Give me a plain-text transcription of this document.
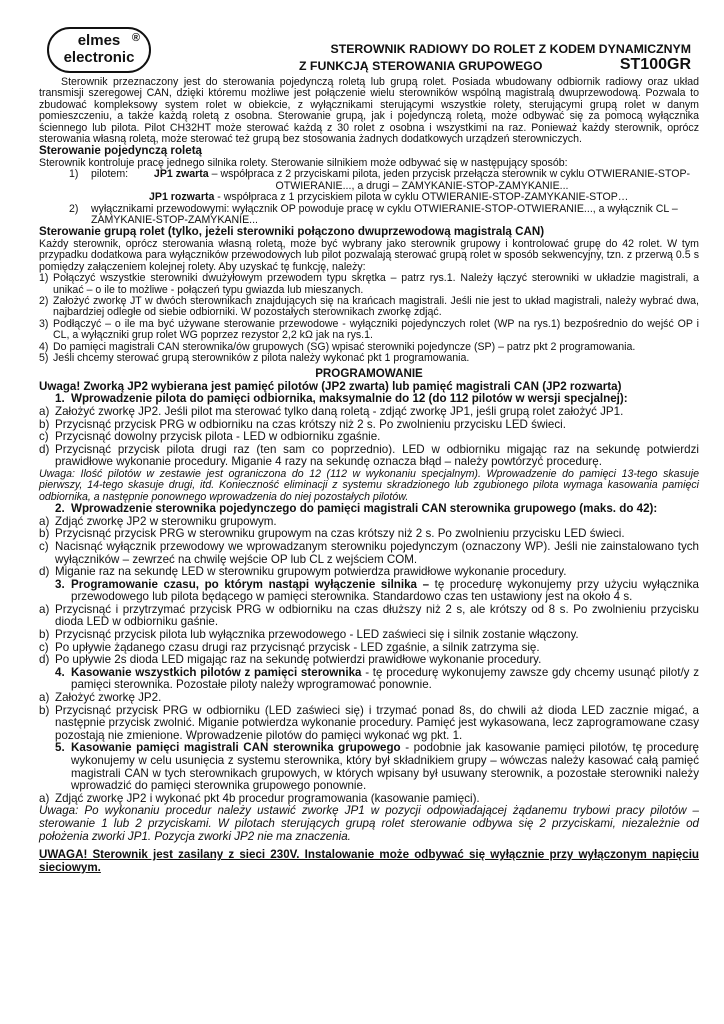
®
elmes
electronic	STEROWNIK RADIOWY DO ROLET Z KODEM DYNAMICZNYM
Z FUNKCJĄ STEROWANIA GRUPOWEGO	ST100GR

Sterownik przeznaczony jest do sterowania pojedynczą roletą lub grupą rolet. Posiada wbudowany odbiornik radiowy oraz układ transmisji szeregowej CAN, dzięki któremu możliwe jest połączenie wielu sterowników wspólną magistralą dwuprzewodową. Pozwala to zbudować kompleksowy system rolet w obiekcie, z wyłącznikami sterującymi wszystkie rolety, sterującymi grupą rolet w danym pomieszczeniu, a także każdą roletą z osobna. Sterowanie grupą, jak i pojedynczą roletą, może odbywać się za pomocą wyłącznika ściennego lub pilota. Pilot CH32HT może sterować każdą z 30 rolet z osobna i wszystkimi na raz. Ponieważ każdy sterownik, oprócz sterowania własną roletą, może sterować też grupą bez stosowania żadnych dodatkowych urządzeń sterowniczych.

Sterowanie pojedynczą roletą

Sterownik kontroluje pracę jednego silnika rolety. Sterowanie silnikiem może odbywać się w następujący sposób:

1)	pilotem:	JP1 zwarta – współpraca z 2 przyciskami pilota, jeden przycisk przełącza sterownik w cyklu OTWIERANIE-STOP-OTWIERANIE..., a drugi – ZAMYKANIE-STOP-ZAMYKANIE...
JP1 rozwarta - współpraca z 1 przyciskiem pilota w cyklu OTWIERANIE-STOP-ZAMYKANIE-STOP…
2)	wyłącznikami przewodowymi: wyłącznik OP powoduje pracę w cyklu OTWIERANIE-STOP-OTWIERANIE..., a wyłącznik CL – ZAMYKANIE-STOP-ZAMYKANIE...

Sterowanie grupą rolet (tylko, jeżeli sterowniki połączono dwuprzewodową magistralą CAN)

Każdy sterownik, oprócz sterowania własną roletą, może być wybrany jako sterownik grupowy i kontrolować grupę do 42 rolet. W tym przypadku dodatkowa para wyłączników przewodowych lub pilot pozwalają sterować grupą rolet w sposób sekwencyjny, tzn. z przerwą 0.5 s pomiędzy załączeniem kolejnej rolety. Aby uzyskać tę funkcję, należy:

1) Połączyć wszystkie sterowniki dwużyłowym przewodem typu skrętka – patrz rys.1. Należy łączyć sterowniki w układzie magistrali, a unikać – o ile to możliwe - połączeń typu gwiazda lub mieszanych.
2) Założyć zworkę JT w dwóch sterownikach znajdujących się na krańcach magistrali. Jeśli nie jest to układ magistrali, należy wybrać dwa, najbardziej odległe od siebie odbiorniki. W pozostałych sterownikach zworkę zdjąć.
3) Podłączyć – o ile ma być używane sterowanie przewodowe - wyłączniki pojedynczych rolet (WP na rys.1) bezpośrednio do wejść OP i CL, a wyłączniki grup rolet WG poprzez rezystor 2,2 kΩ jak na rys.1.
4) Do pamięci magistrali CAN sterownika/ów grupowych (SG) wpisać sterowniki pojedyncze (SP) – patrz pkt 2 programowania.
5) Jeśli chcemy sterować grupą sterowników z pilota należy wykonać pkt 1 programowania.

PROGRAMOWANIE

Uwaga! Zworką JP2 wybierana jest pamięć pilotów (JP2 zwarta) lub pamięć magistrali CAN (JP2 rozwarta)

1. Wprowadzenie pilota do pamięci odbiornika, maksymalnie do 12 (do 112 pilotów w wersji specjalnej):
a) Założyć zworkę JP2. Jeśli pilot ma sterować tylko daną roletą - zdjąć zworkę JP1, jeśli grupą rolet założyć JP1.
b) Przycisnąć przycisk PRG w odbiorniku na czas krótszy niż 2 s. Po zwolnieniu przycisku LED świeci.
c) Przycisnąć dowolny przycisk pilota - LED w odbiorniku zgaśnie.
d) Przycisnąć przycisk pilota drugi raz (ten sam co poprzednio). LED w odbiorniku migając raz na sekundę potwierdzi prawidłowe wykonanie procedury. Miganie 4 razy na sekundę oznacza błąd – należy powtórzyć procedurę.

Uwaga: Ilość pilotów w zestawie jest ograniczona do 12 (112 w wykonaniu specjalnym). Wprowadzenie do pamięci 13-tego skasuje pierwszy, 14-tego skasuje drugi, itd. Konieczność eliminacji z systemu skradzionego lub zgubionego pilota wymaga kasowania pamięci odbiornika, a następnie ponownego wprowadzenia do niej pozostałych pilotów.

2. Wprowadzenie sterownika pojedynczego do pamięci magistrali CAN sterownika grupowego (maks. do 42):
a) Zdjąć zworkę JP2 w sterowniku grupowym.
b) Przycisnąć przycisk PRG w sterowniku grupowym na czas krótszy niż 2 s. Po zwolnieniu przycisku LED świeci.
c) Nacisnąć wyłącznik przewodowy we wprowadzanym sterowniku pojedynczym (oznaczony WP). Jeśli nie zainstalowano tych wyłączników – zewrzeć na chwilę wejście OP lub CL z wejściem COM.
d) Miganie raz na sekundę LED w sterowniku grupowym potwierdza prawidłowe wykonanie procedury.
3. Programowanie czasu, po którym nastąpi wyłączenie silnika – tę procedurę wykonujemy przy użyciu wyłącznika przewodowego lub pilota będącego w pamięci sterownika. Standardowo czas ten ustawiony jest na około 4 s.
a) Przycisnąć i przytrzymać przycisk PRG w odbiorniku na czas dłuższy niż 2 s, ale krótszy od 8 s. Po zwolnieniu przycisku dioda LED w odbiorniku gaśnie.
b) Przycisnąć przycisk pilota lub wyłącznika przewodowego - LED zaświeci się i silnik zostanie włączony.
c) Po upływie żądanego czasu drugi raz przycisnąć przycisk - LED zgaśnie, a silnik zatrzyma się.
d) Po upływie 2s dioda LED migając raz na sekundę potwierdzi prawidłowe wykonanie procedury.
4. Kasowanie wszystkich pilotów z pamięci sterownika - tę procedurę wykonujemy zawsze gdy chcemy usunąć pilot/y z pamięci sterownika. Pozostałe piloty należy wprogramować ponownie.
a) Założyć zworkę JP2.
b) Przycisnąć przycisk PRG w odbiorniku (LED zaświeci się) i trzymać ponad 8s, do chwili aż dioda LED zacznie migać, a następnie przycisk zwolnić. Miganie potwierdza wykonanie procedury. Pamięć jest wykasowana, lecz zaprogramowane czasy pozostają nie zmienione. Wprowadzenie pilotów do pamięci wykonać wg pkt. 1.
5. Kasowanie pamięci magistrali CAN sterownika grupowego - podobnie jak kasowanie pamięci pilotów, tę procedurę wykonujemy w celu usunięcia z systemu sterownika, który był składnikiem grupy – wówczas należy kasować całą pamięć magistrali CAN w tych sterownikach grupowych, w których wpisany był usuwany sterownik, a pozostałe sterowniki należy wprowadzić do pamięci sterownika grupowego ponownie.
a) Zdjąć zworkę JP2 i wykonać pkt 4b procedur programowania (kasowanie pamięci).

Uwaga: Po wykonaniu procedur należy ustawić zworkę JP1 w pozycji odpowiadającej żądanemu trybowi pracy pilotów – sterowanie 1 lub 2 przyciskami. W pilotach sterujących grupą rolet sterowanie odbywa się 2 przyciskami, niezależnie od położenia zworki JP1. Pozycja zworki JP2 nie ma znaczenia.

UWAGA! Sterownik jest zasilany z sieci 230V. Instalowanie może odbywać się wyłącznie przy wyłączonym napięciu sieciowym.
